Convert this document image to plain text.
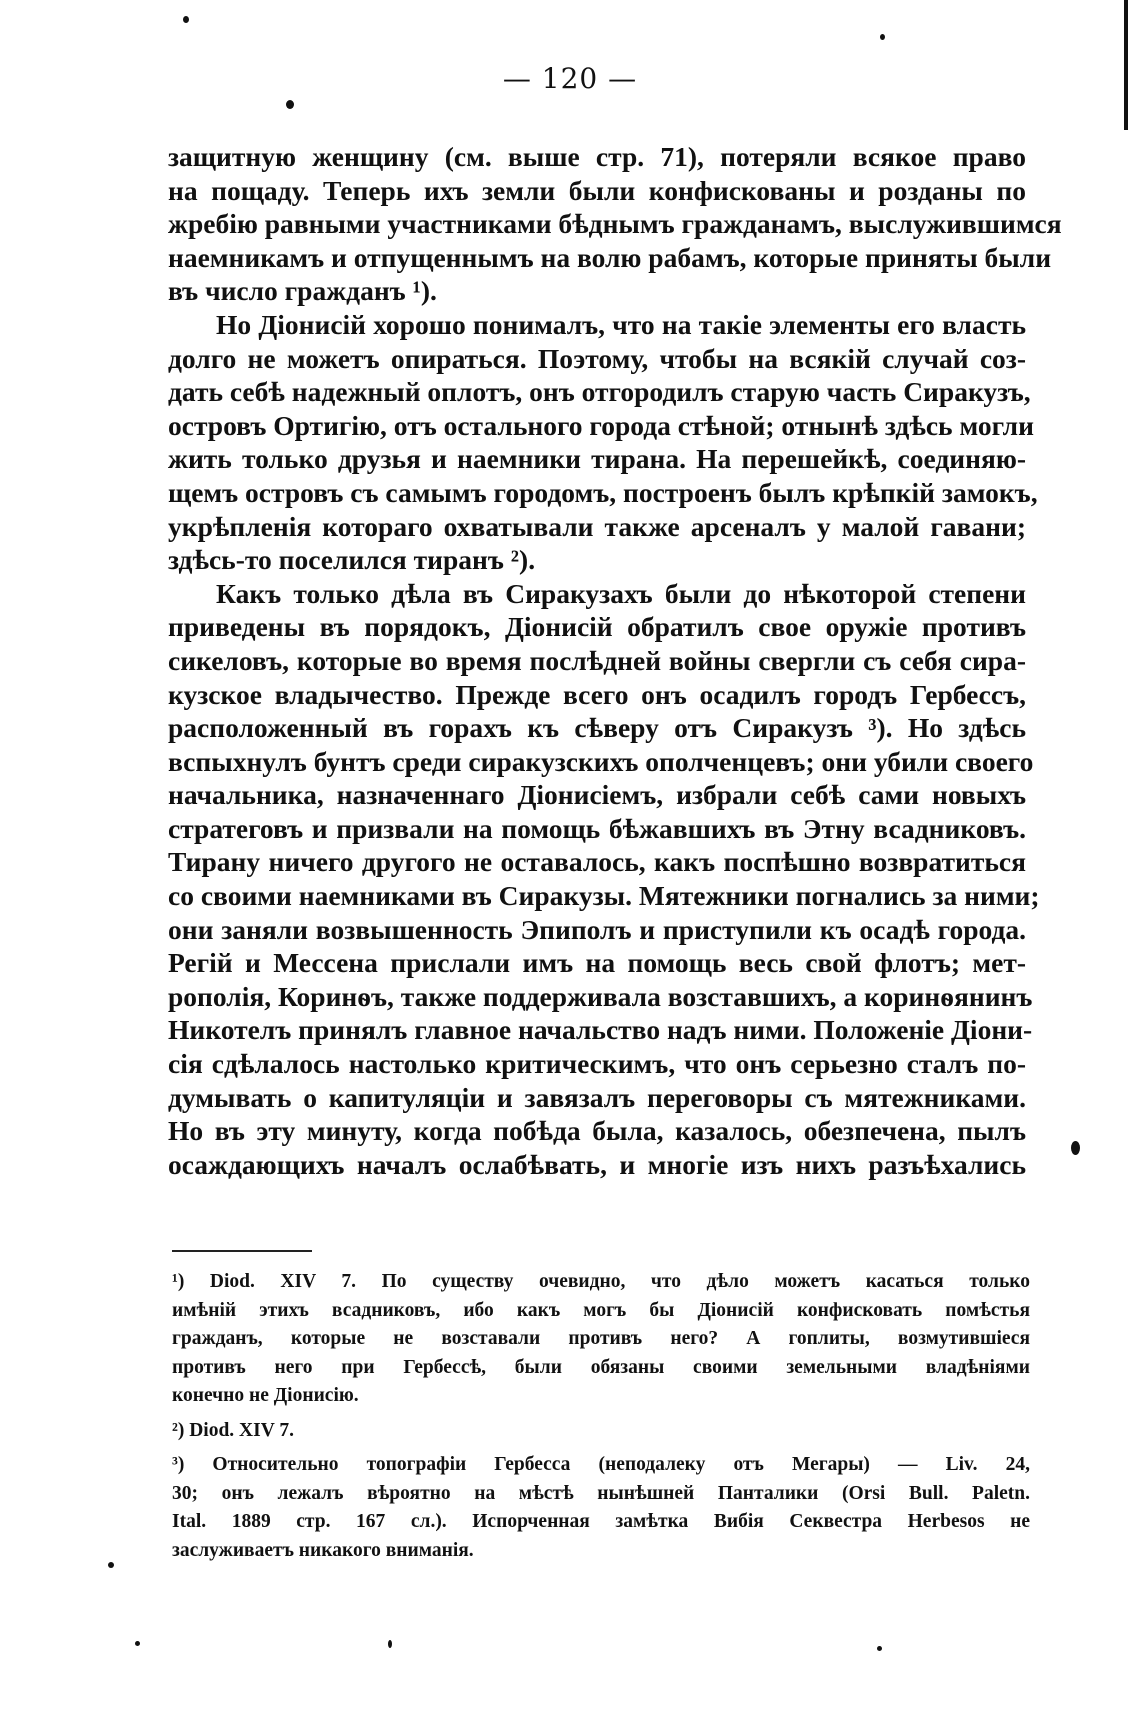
— 120 —
защитную женщину (см. выше стр. 71), потеряли всякое право
на пощаду. Теперь ихъ земли были конфискованы и розданы по
жребію равными участниками бѣднымъ гражданамъ, выслужившимся
наемникамъ и отпущеннымъ на волю рабамъ, которые приняты были
въ число гражданъ ¹).
Но Діонисій хорошо понималъ, что на такіе элементы его власть
долго не можетъ опираться. Поэтому, чтобы на всякій случай соз-
дать себѣ надежный оплотъ, онъ отгородилъ старую часть Сиракузъ,
островъ Ортигію, отъ остального города стѣной; отнынѣ здѣсь могли
жить только друзья и наемники тирана. На перешейкѣ, соединяю-
щемъ островъ съ самымъ городомъ, построенъ былъ крѣпкій замокъ,
укрѣпленія котораго охватывали также арсеналъ у малой гавани;
здѣсь-то поселился тиранъ ²).
Какъ только дѣла въ Сиракузахъ были до нѣкоторой степени
приведены въ порядокъ, Діонисій обратилъ свое оружіе противъ
сикеловъ, которые во время послѣдней войны свергли съ себя сира-
кузское владычество. Прежде всего онъ осадилъ городъ Гербессъ,
расположенный въ горахъ къ сѣверу отъ Сиракузъ ³). Но здѣсь
вспыхнулъ бунтъ среди сиракузскихъ ополченцевъ; они убили своего
начальника, назначеннаго Діонисіемъ, избрали себѣ сами новыхъ
стратеговъ и призвали на помощь бѣжавшихъ въ Этну всадниковъ.
Тирану ничего другого не оставалось, какъ поспѣшно возвратиться
со своими наемниками въ Сиракузы. Мятежники погнались за ними;
они заняли возвышенность Эпиполъ и приступили къ осадѣ города.
Регій и Мессена прислали имъ на помощь весь свой флотъ; мет-
рополія, Коринѳъ, также поддерживала возставшихъ, а коринѳянинъ
Никотелъ принялъ главное начальство надъ ними. Положеніе Діони-
сія сдѣлалось настолько критическимъ, что онъ серьезно сталъ по-
думывать о капитуляціи и завязалъ переговоры съ мятежниками.
Но въ эту минуту, когда побѣда была, казалось, обезпечена, пылъ
осаждающихъ началъ ослабѣвать, и многіе изъ нихъ разъѣхались
¹) Diod. XIV 7. По существу очевидно, что дѣло можетъ касаться только
имѣній этихъ всадниковъ, ибо какъ могъ бы Діонисій конфисковать помѣстья
гражданъ, которые не возставали противъ него? А гоплиты, возмутившіеся
противъ него при Гербессѣ, были обязаны своими земельными владѣніями
конечно не Діонисію.
²) Diod. XIV 7.
³) Относительно топографіи Гербесса (неподалеку отъ Мегары) — Liv. 24,
30; онъ лежалъ вѣроятно на мѣстѣ нынѣшней Панталики (Orsi Bull. Paletn.
Ital. 1889 стр. 167 сл.). Испорченная замѣтка Вибія Секвестра Herbesos не
заслуживаетъ никакого вниманія.
